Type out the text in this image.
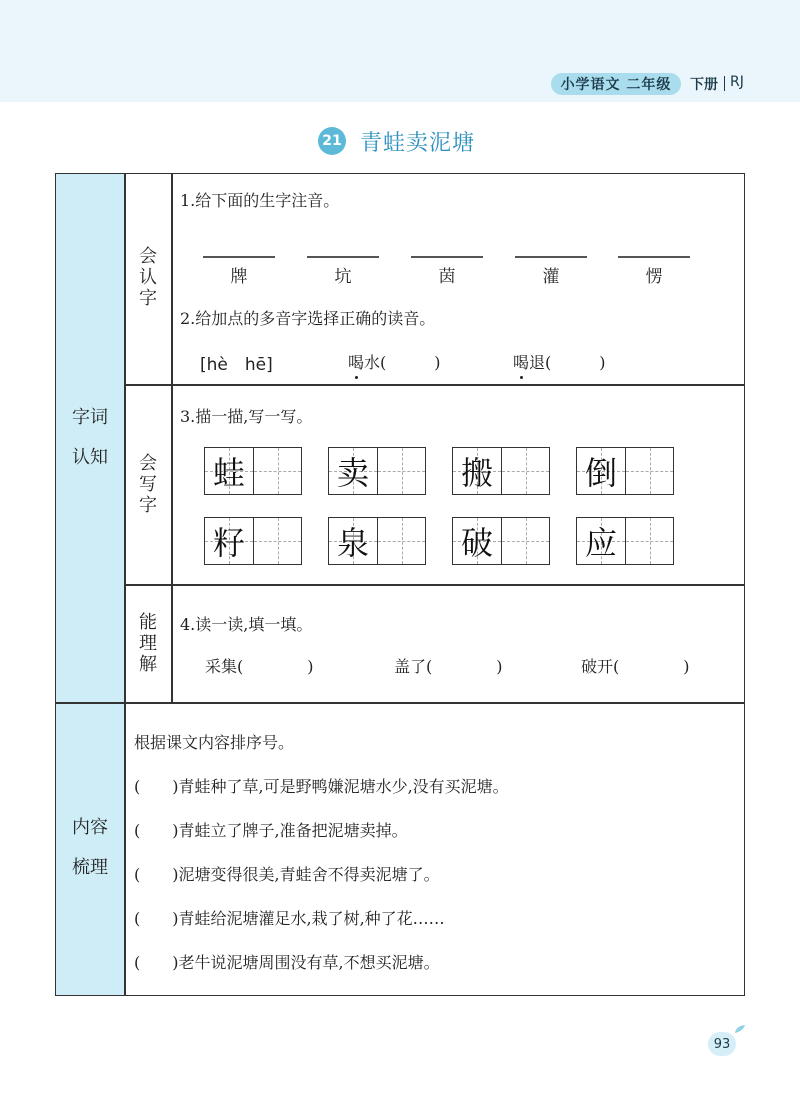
小学语文 二年级	下册 RJ
21 青蛙卖泥塘
字词
认知
内容
梳理
会
认
字
会
写
字
能
理
解
1.给下面的生字注音。
牌	坑	茵	灌	愣
2.给加点的多音字选择正确的读音。
[hè　hē]	喝水(　　　)	喝退(　　　)
3.描一描,写一写。
蛙	卖	搬	倒
籽	泉	破	应
4.读一读,填一填。
采集(　　　　)	盖了(　　　　)	破开(　　　　)
根据课文内容排序号。
(　　)青蛙种了草,可是野鸭嫌泥塘水少,没有买泥塘。
(　　)青蛙立了牌子,准备把泥塘卖掉。
(　　)泥塘变得很美,青蛙舍不得卖泥塘了。
(　　)青蛙给泥塘灌足水,栽了树,种了花……
(　　)老牛说泥塘周围没有草,不想买泥塘。
93
